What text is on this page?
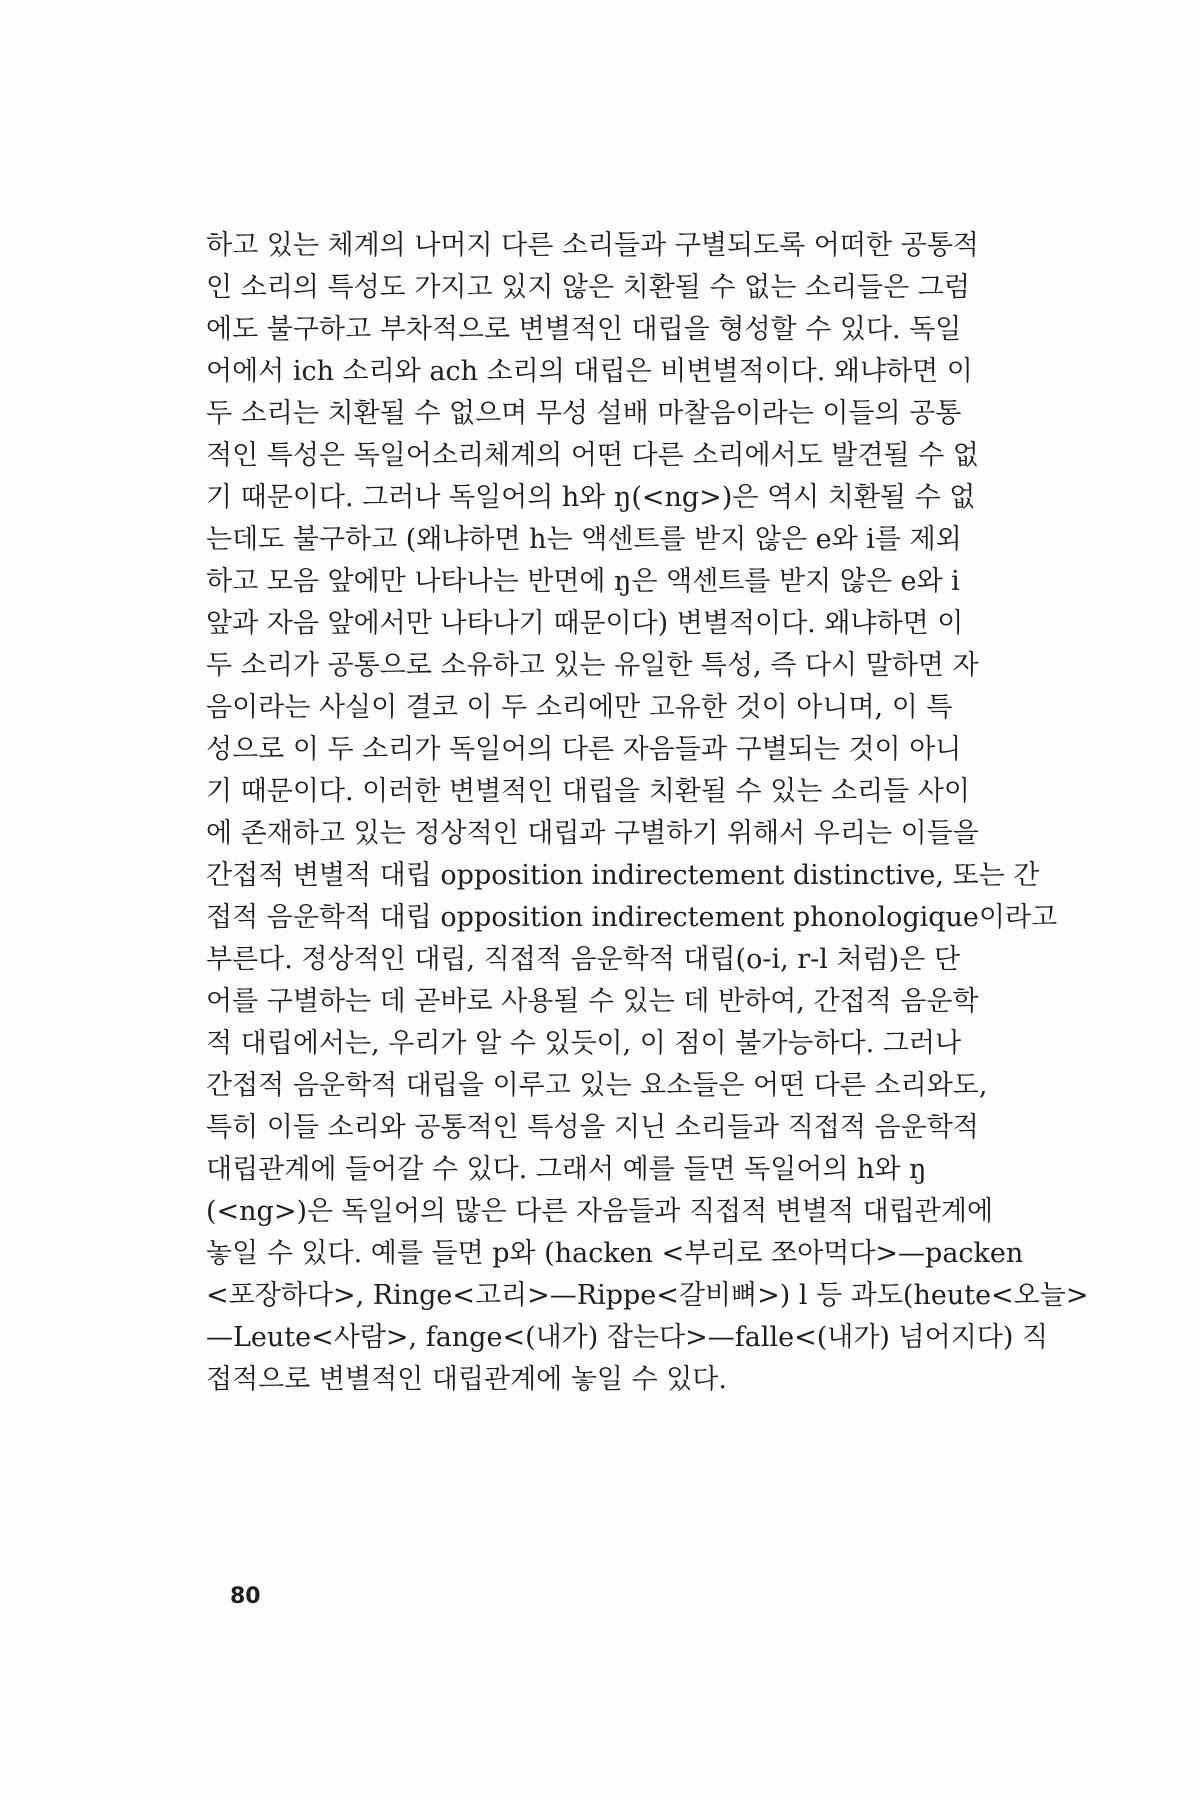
하고 있는 체계의 나머지 다른 소리들과 구별되도록 어떠한 공통적
인 소리의 특성도 가지고 있지 않은 치환될 수 없는 소리들은 그럼
에도 불구하고 부차적으로 변별적인 대립을 형성할 수 있다. 독일
어에서 ich 소리와 ach 소리의 대립은 비변별적이다. 왜냐하면 이
두 소리는 치환될 수 없으며 무성 설배 마찰음이라는 이들의 공통
적인 특성은 독일어소리체계의 어떤 다른 소리에서도 발견될 수 없
기 때문이다. 그러나 독일어의 h와 ŋ(<ng>)은 역시 치환될 수 없
는데도 불구하고 (왜냐하면 h는 액센트를 받지 않은 e와 i를 제외
하고 모음 앞에만 나타나는 반면에 ŋ은 액센트를 받지 않은 e와 i
앞과 자음 앞에서만 나타나기 때문이다) 변별적이다. 왜냐하면 이
두 소리가 공통으로 소유하고 있는 유일한 특성, 즉 다시 말하면 자
음이라는 사실이 결코 이 두 소리에만 고유한 것이 아니며, 이 특
성으로 이 두 소리가 독일어의 다른 자음들과 구별되는 것이 아니
기 때문이다. 이러한 변별적인 대립을 치환될 수 있는 소리들 사이
에 존재하고 있는 정상적인 대립과 구별하기 위해서 우리는 이들을
간접적 변별적 대립 opposition indirectement distinctive, 또는 간
접적 음운학적 대립 opposition indirectement phonologique이라고
부른다. 정상적인 대립, 직접적 음운학적 대립(o-i, r-l 처럼)은 단
어를 구별하는 데 곧바로 사용될 수 있는 데 반하여, 간접적 음운학
적 대립에서는, 우리가 알 수 있듯이, 이 점이 불가능하다. 그러나
간접적 음운학적 대립을 이루고 있는 요소들은 어떤 다른 소리와도,
특히 이들 소리와 공통적인 특성을 지닌 소리들과 직접적 음운학적
대립관계에 들어갈 수 있다. 그래서 예를 들면 독일어의 h와 ŋ
(<ng>)은 독일어의 많은 다른 자음들과 직접적 변별적 대립관계에
놓일 수 있다. 예를 들면 p와 (hacken <부리로 쪼아먹다>—packen
<포장하다>, Ringe<고리>—Rippe<갈비뼈>) l 등 과도(heute<오늘>
—Leute<사람>, fange<(내가) 잡는다>—falle<(내가) 넘어지다) 직
접적으로 변별적인 대립관계에 놓일 수 있다.
80
